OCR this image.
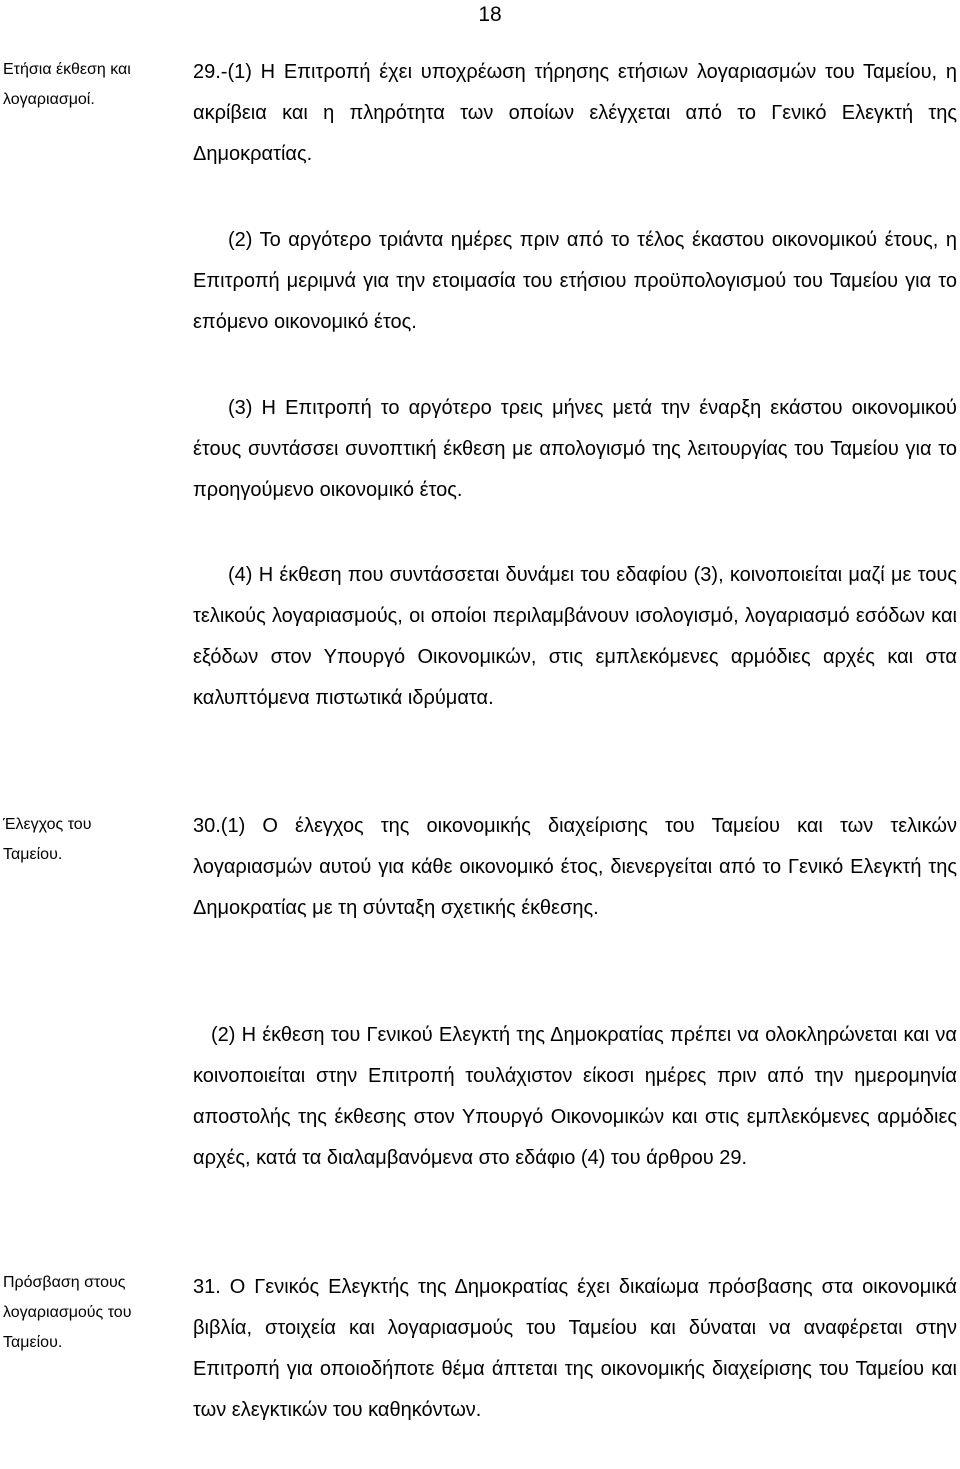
18
Ετήσια έκθεση και λογαριασμοί.

29.-(1) Η Επιτροπή έχει υποχρέωση τήρησης ετήσιων λογαριασμών του Ταμείου, η ακρίβεια και η πληρότητα των οποίων ελέγχεται από το Γενικό Ελεγκτή της Δημοκρατίας.

(2) Το αργότερο τριάντα ημέρες πριν από το τέλος έκαστου οικονομικού έτους, η Επιτροπή μεριμνά για την ετοιμασία του ετήσιου προϋπολογισμού του Ταμείου για το επόμενο οικονομικό έτος.

(3) Η Επιτροπή το αργότερο τρεις μήνες μετά την έναρξη εκάστου οικονομικού έτους συντάσσει συνοπτική έκθεση με απολογισμό της λειτουργίας του Ταμείου για το προηγούμενο οικονομικό έτος.

(4) Η έκθεση που συντάσσεται δυνάμει του εδαφίου (3), κοινοποιείται μαζί με τους τελικούς λογαριασμούς, οι οποίοι περιλαμβάνουν ισολογισμό, λογαριασμό εσόδων και εξόδων στον Υπουργό Οικονομικών, στις εμπλεκόμενες αρμόδιες αρχές και στα καλυπτόμενα πιστωτικά ιδρύματα.

Έλεγχος του Ταμείου.

30.(1) Ο έλεγχος της οικονομικής διαχείρισης του Ταμείου και των τελικών λογαριασμών αυτού για κάθε οικονομικό έτος, διενεργείται από το Γενικό Ελεγκτή της Δημοκρατίας με τη σύνταξη σχετικής έκθεσης.

(2) Η έκθεση του Γενικού Ελεγκτή της Δημοκρατίας πρέπει να ολοκληρώνεται και να κοινοποιείται στην Επιτροπή τουλάχιστον είκοσι ημέρες πριν από την ημερομηνία αποστολής της έκθεσης στον Υπουργό Οικονομικών και στις εμπλεκόμενες αρμόδιες αρχές, κατά τα διαλαμβανόμενα στο εδάφιο (4) του άρθρου 29.

Πρόσβαση στους λογαριασμούς του Ταμείου.

31. Ο Γενικός Ελεγκτής της Δημοκρατίας έχει δικαίωμα πρόσβασης στα οικονομικά βιβλία, στοιχεία και λογαριασμούς του Ταμείου και δύναται να αναφέρεται στην Επιτροπή για οποιοδήποτε θέμα άπτεται της οικονομικής διαχείρισης του Ταμείου και των ελεγκτικών του καθηκόντων.
